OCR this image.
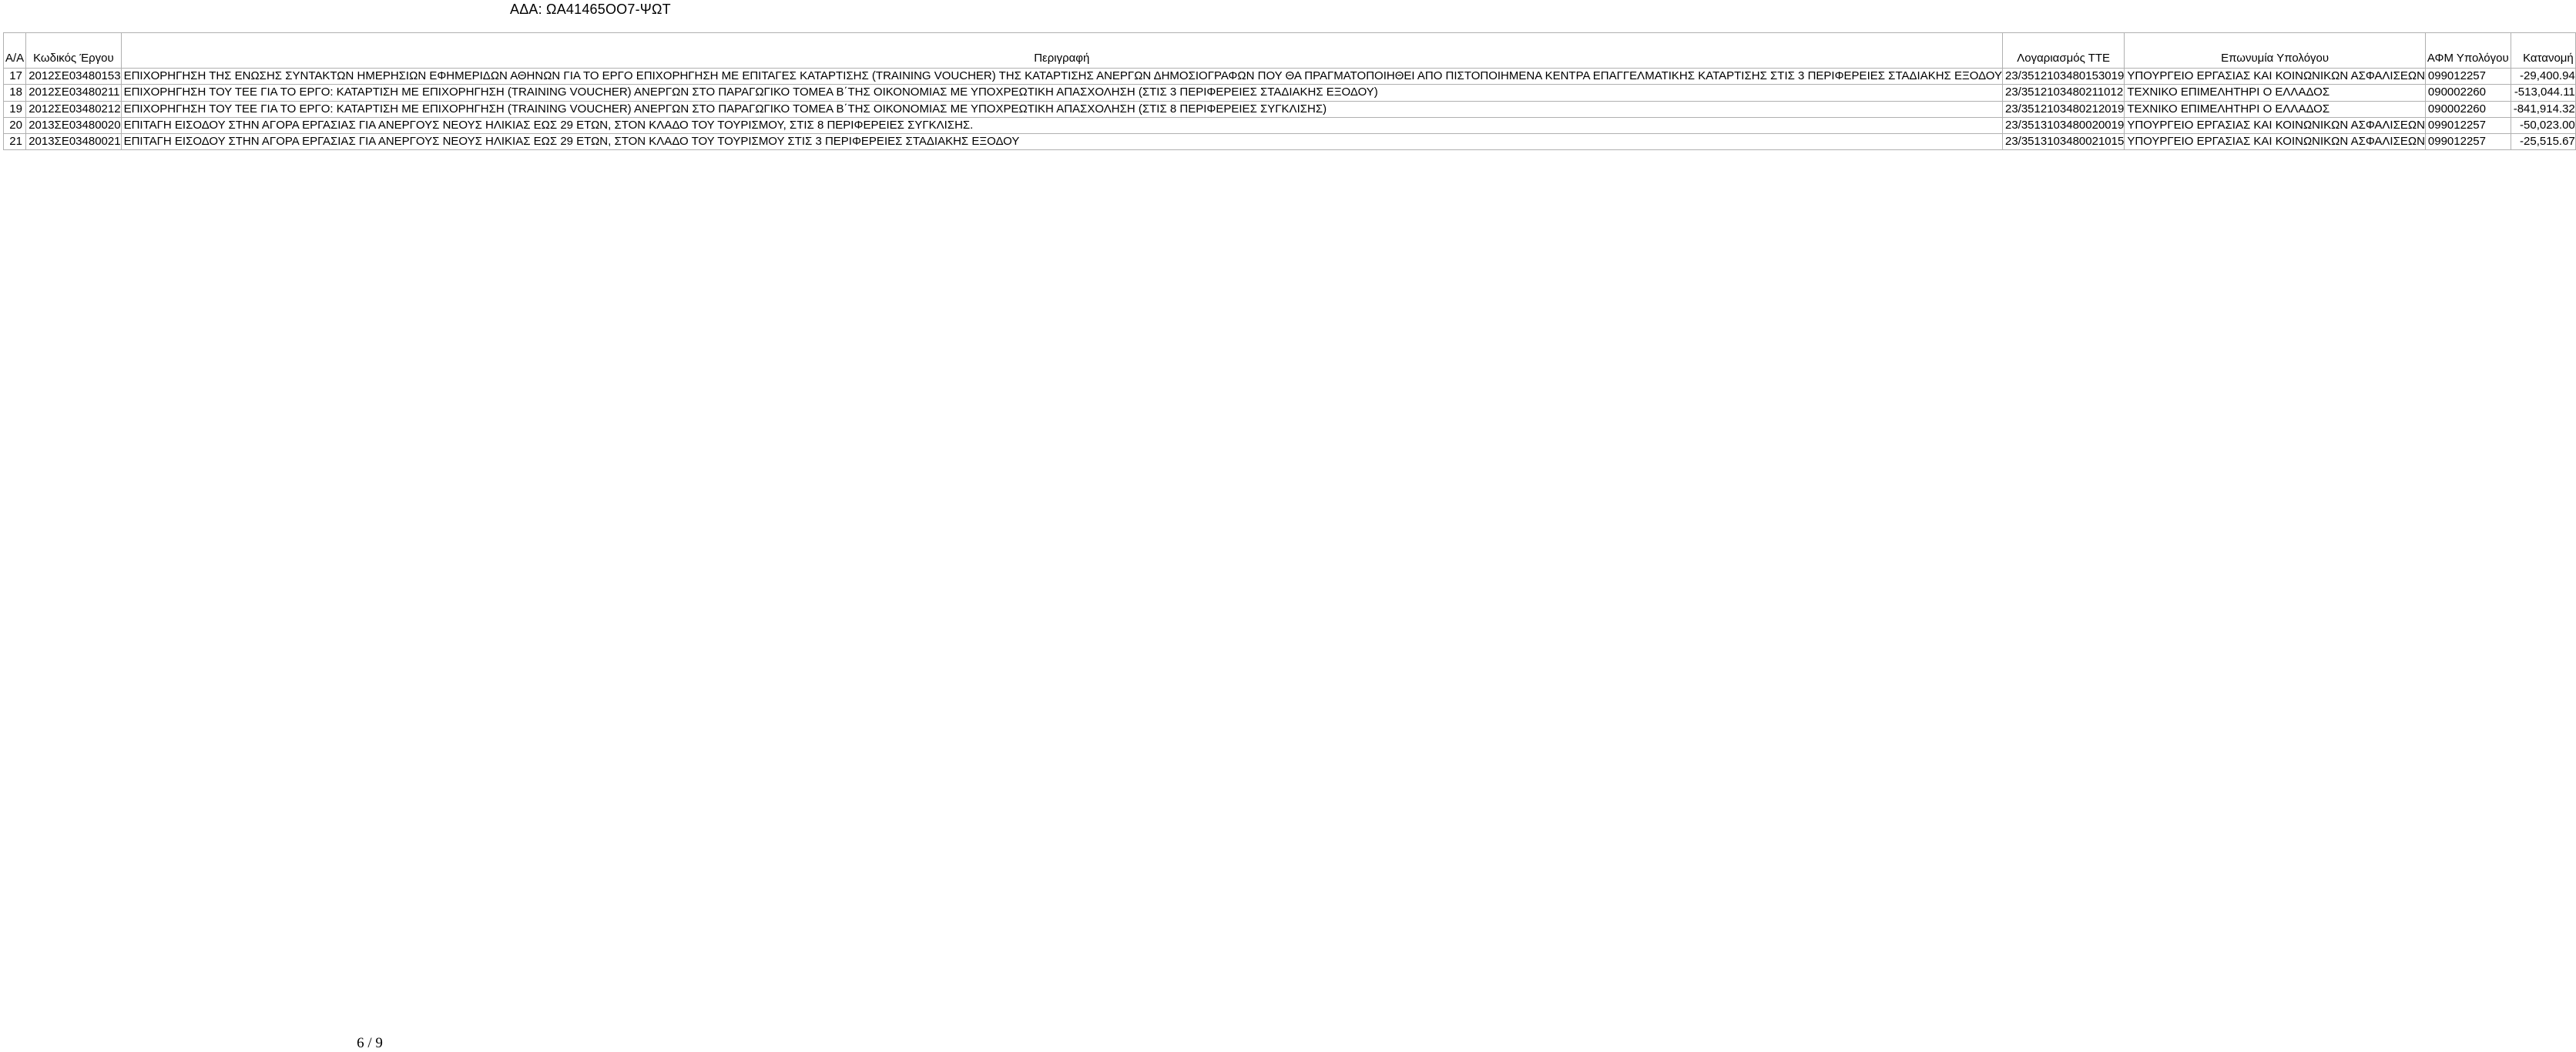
ΑΔΑ: ΩΑ41465ΟΟ7-ΨΩΤ
Α/Α	Κωδικός Έργου	Περιγραφή	Λογαριασμός ΤΤΕ	Επωνυμία Υπολόγου	ΑΦΜ Υπολόγου	Κατανομή
17	2012ΣΕ03480153	ΕΠΙΧΟΡΗΓΗΣΗ ΤΗΣ ΕΝΩΣΗΣ ΣΥΝΤΑΚΤΩΝ ΗΜΕΡΗΣΙΩΝ ΕΦΗΜΕΡΙΔΩΝ ΑΘΗΝΩΝ ΓΙΑ ΤΟ ΕΡΓΟ ΕΠΙΧΟΡΗΓΗΣΗ ΜΕ ΕΠΙΤΑΓΕΣ ΚΑΤΑΡΤΙΣΗΣ (TRAINING VOUCHER) ΤΗΣ ΚΑΤΑΡΤΙΣΗΣ ΑΝΕΡΓΩΝ ΔΗΜΟΣΙΟΓΡΑΦΩΝ ΠΟΥ ΘΑ ΠΡΑΓΜΑΤΟΠΟΙΗΘΕΙ ΑΠΟ ΠΙΣΤΟΠΟΙΗΜΕΝΑ ΚΕΝΤΡΑ ΕΠΑΓΓΕΛΜΑΤΙΚΗΣ ΚΑΤΑΡΤΙΣΗΣ ΣΤΙΣ 3 ΠΕΡΙΦΕΡΕΙΕΣ ΣΤΑΔΙΑΚΗΣ ΕΞΟΔΟΥ	23/3512103480153019	ΥΠΟΥΡΓΕΙΟ ΕΡΓΑΣΙΑΣ ΚΑΙ ΚΟΙΝΩΝΙΚΩΝ ΑΣΦΑΛΙΣΕΩΝ	099012257	-29,400.94
18	2012ΣΕ03480211	ΕΠΙΧΟΡΗΓΗΣΗ ΤΟΥ ΤΕΕ ΓΙΑ ΤΟ ΕΡΓΟ: ΚΑΤΑΡΤΙΣΗ ΜΕ ΕΠΙΧΟΡΗΓΗΣΗ (TRAINING VOUCHER) ΑΝΕΡΓΩΝ ΣΤΟ ΠΑΡΑΓΩΓΙΚΟ ΤΟΜΕΑ Β΄ΤΗΣ ΟΙΚΟΝΟΜΙΑΣ ΜΕ ΥΠΟΧΡΕΩΤΙΚΗ ΑΠΑΣΧΟΛΗΣΗ (ΣΤΙΣ 3 ΠΕΡΙΦΕΡΕΙΕΣ ΣΤΑΔΙΑΚΗΣ ΕΞΟΔΟΥ)	23/3512103480211012	ΤΕΧΝΙΚΟ ΕΠΙΜΕΛΗΤΗΡΙ Ο ΕΛΛΑΔΟΣ	090002260	-513,044.11
19	2012ΣΕ03480212	ΕΠΙΧΟΡΗΓΗΣΗ ΤΟΥ ΤΕΕ ΓΙΑ ΤΟ ΕΡΓΟ: ΚΑΤΑΡΤΙΣΗ ΜΕ ΕΠΙΧΟΡΗΓΗΣΗ (TRAINING VOUCHER) ΑΝΕΡΓΩΝ ΣΤΟ ΠΑΡΑΓΩΓΙΚΟ ΤΟΜΕΑ Β΄ΤΗΣ ΟΙΚΟΝΟΜΙΑΣ ΜΕ ΥΠΟΧΡΕΩΤΙΚΗ ΑΠΑΣΧΟΛΗΣΗ (ΣΤΙΣ 8 ΠΕΡΙΦΕΡΕΙΕΣ ΣΥΓΚΛΙΣΗΣ)	23/3512103480212019	ΤΕΧΝΙΚΟ ΕΠΙΜΕΛΗΤΗΡΙ Ο ΕΛΛΑΔΟΣ	090002260	-841,914.32
20	2013ΣΕ03480020	ΕΠΙΤΑΓΗ ΕΙΣΟΔΟΥ ΣΤΗΝ ΑΓΟΡΑ ΕΡΓΑΣΙΑΣ ΓΙΑ ΑΝΕΡΓΟΥΣ ΝΕΟΥΣ ΗΛΙΚΙΑΣ ΕΩΣ 29 ΕΤΩΝ, ΣΤΟΝ ΚΛΑΔΟ ΤΟΥ ΤΟΥΡΙΣΜΟΥ, ΣΤΙΣ 8 ΠΕΡΙΦΕΡΕΙΕΣ ΣΥΓΚΛΙΣΗΣ.	23/3513103480020019	ΥΠΟΥΡΓΕΙΟ ΕΡΓΑΣΙΑΣ ΚΑΙ ΚΟΙΝΩΝΙΚΩΝ ΑΣΦΑΛΙΣΕΩΝ	099012257	-50,023.00
21	2013ΣΕ03480021	ΕΠΙΤΑΓΗ ΕΙΣΟΔΟΥ ΣΤΗΝ ΑΓΟΡΑ ΕΡΓΑΣΙΑΣ ΓΙΑ ΑΝΕΡΓΟΥΣ ΝΕΟΥΣ ΗΛΙΚΙΑΣ ΕΩΣ 29 ΕΤΩΝ, ΣΤΟΝ ΚΛΑΔΟ ΤΟΥ ΤΟΥΡΙΣΜΟΥ ΣΤΙΣ 3 ΠΕΡΙΦΕΡΕΙΕΣ ΣΤΑΔΙΑΚΗΣ ΕΞΟΔΟΥ	23/3513103480021015	ΥΠΟΥΡΓΕΙΟ ΕΡΓΑΣΙΑΣ ΚΑΙ ΚΟΙΝΩΝΙΚΩΝ ΑΣΦΑΛΙΣΕΩΝ	099012257	-25,515.67
6 / 9
